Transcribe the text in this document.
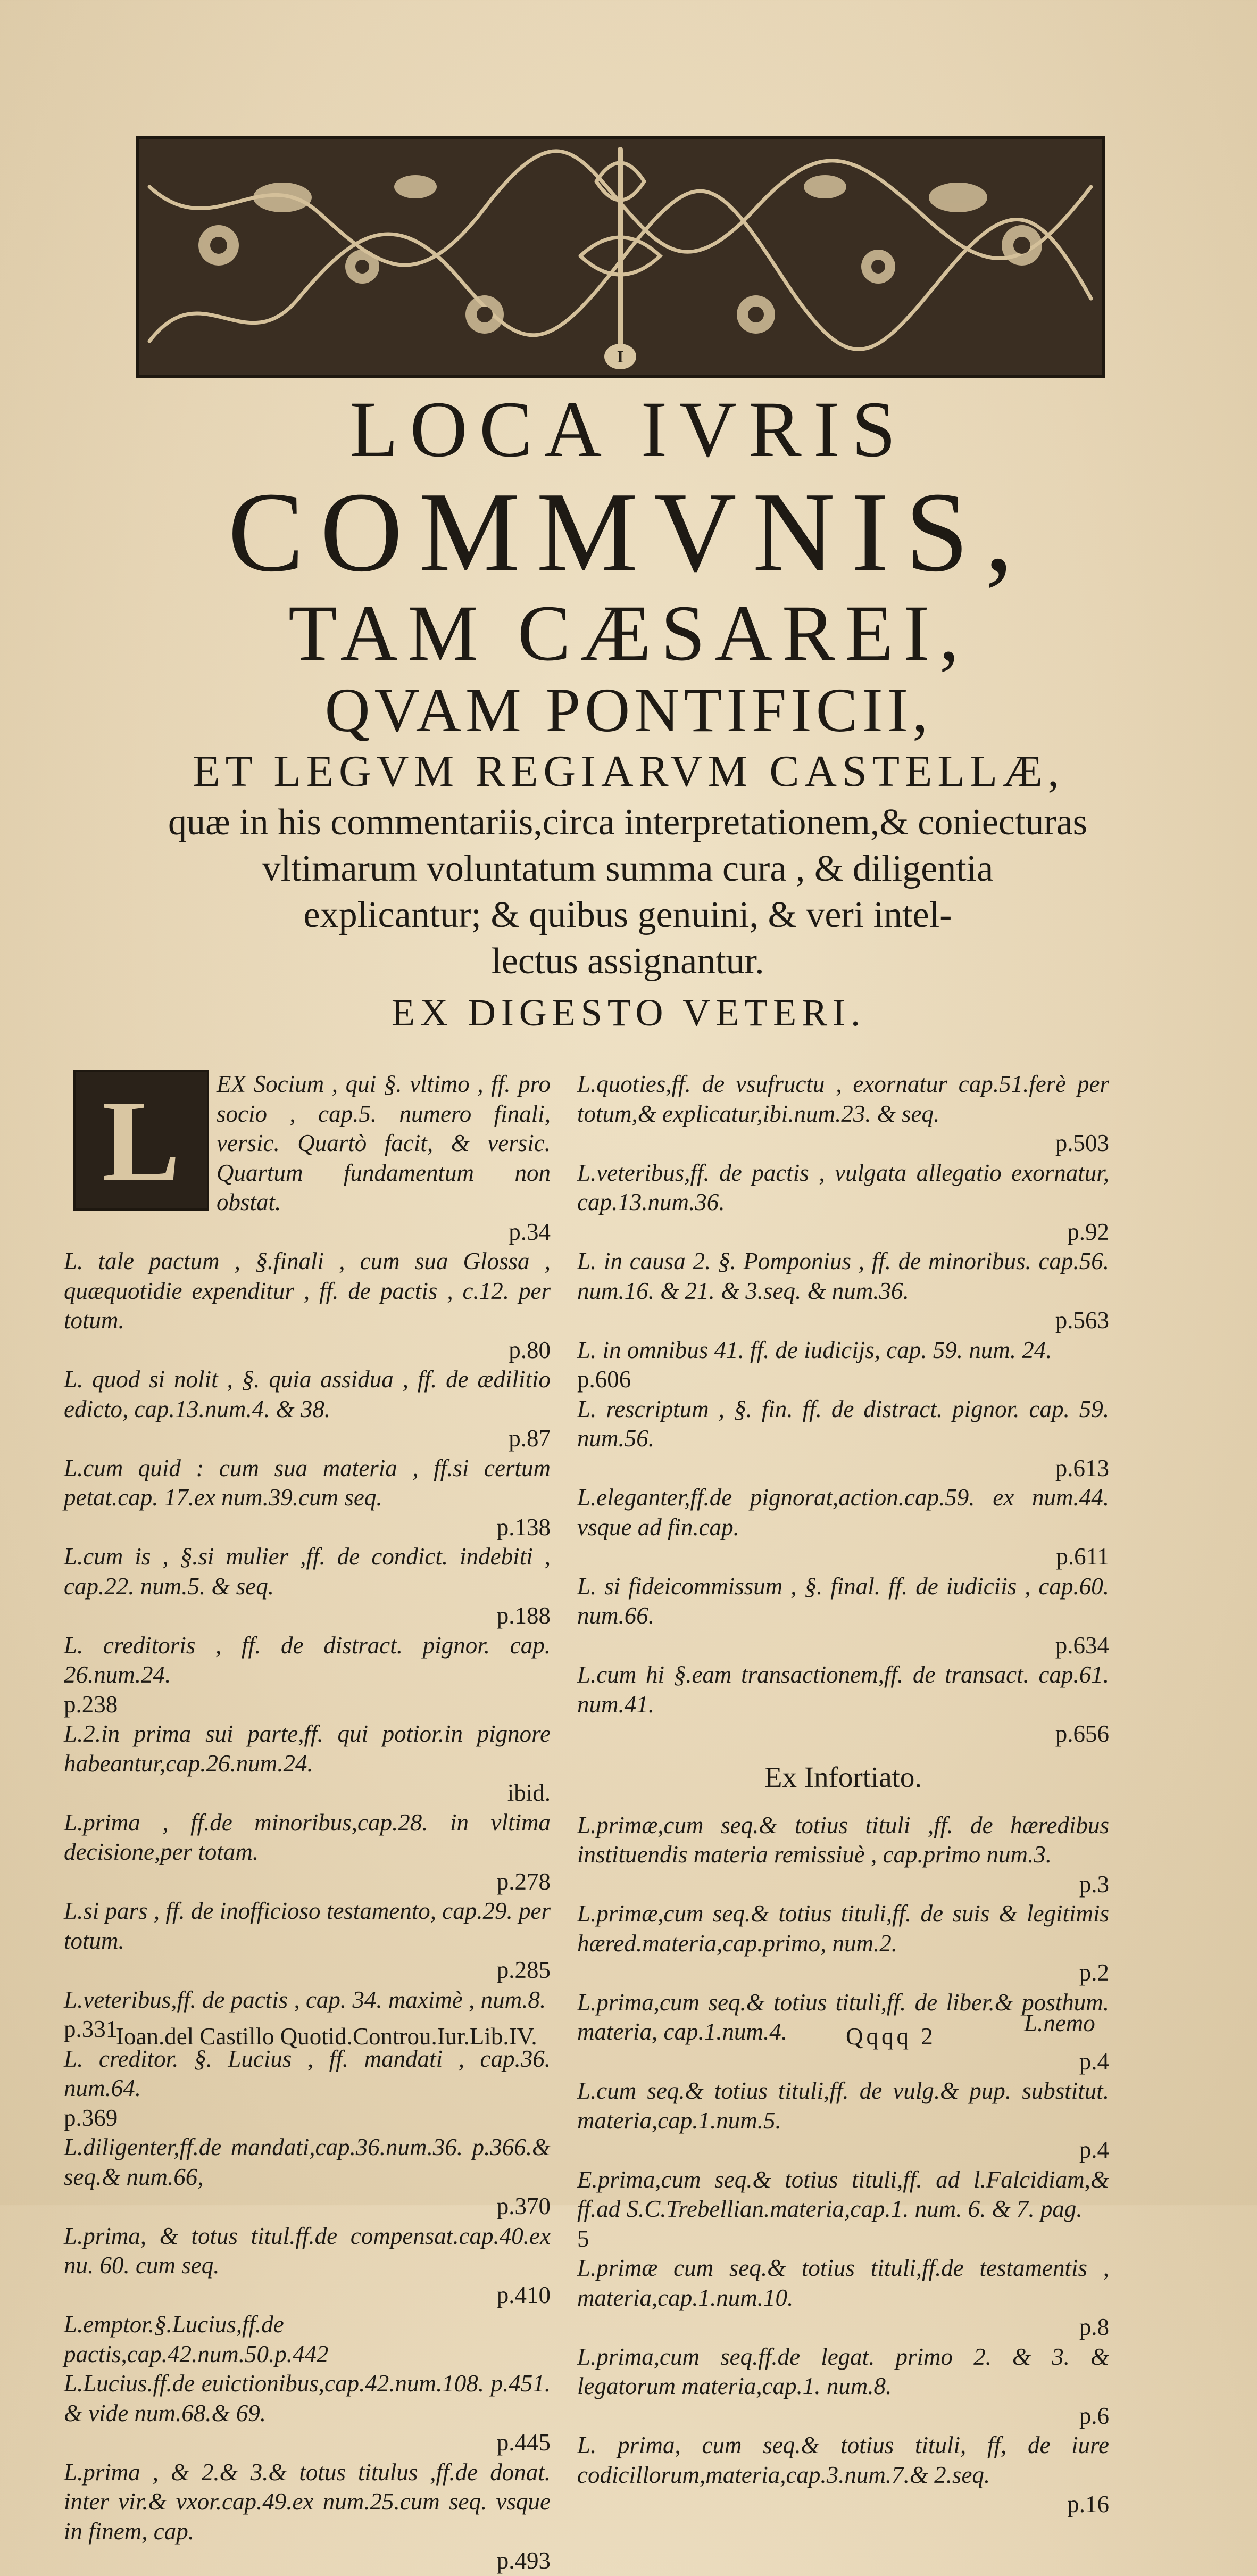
I
LOCA IVRIS
COMMVNIS,
TAM CÆSAREI,
QVAM PONTIFICII,
ET LEGVM REGIARVM CASTELLÆ,
quæ in his commentariis,circa interpretationem,& coniecturas
vltimarum voluntatum summa cura , & diligentia
explicantur; & quibus genuini, & veri intel-
lectus assignantur.
EX DIGESTO VETERI.
L	EX Socium , qui §. vltimo , ff. pro socio , cap.5. numero finali, versic. Quartò facit, & versic. Quartum fundamentum non obstat.
p.34
L. tale pactum , §.finali , cum sua Glossa , quæquotidie expenditur , ff. de pactis , c.12. per totum.
p.80
L. quod si nolit , §. quia assidua , ff. de ædilitio edicto, cap.13.num.4. & 38.
p.87
L.cum quid : cum sua materia , ff.si certum petat.cap. 17.ex num.39.cum seq.
p.138
L.cum is , §.si mulier ,ff. de condict. indebiti , cap.22. num.5. & seq.
p.188
L. creditoris , ff. de distract. pignor. cap. 26.num.24.
p.238
L.2.in prima sui parte,ff. qui potior.in pignore habeantur,cap.26.num.24.
ibid.
L.prima , ff.de minoribus,cap.28. in vltima decisione,per totam.
p.278
L.si pars , ff. de inofficioso testamento, cap.29. per totum.
p.285
L.veteribus,ff. de pactis , cap. 34. maximè , num.8.
p.331
L. creditor. §. Lucius , ff. mandati , cap.36. num.64.
p.369
L.diligenter,ff.de mandati,cap.36.num.36. p.366.& seq.& num.66,
p.370
L.prima, & totus titul.ff.de compensat.cap.40.ex nu. 60. cum seq.
p.410
L.emptor.§.Lucius,ff.de pactis,cap.42.num.50.p.442
L.Lucius.ff.de euictionibus,cap.42.num.108. p.451. & vide num.68.& 69.
p.445
L.prima , & 2.& 3.& totus titulus ,ff.de donat. inter vir.& vxor.cap.49.ex num.25.cum seq. vsque in finem, cap.
p.493
L.quoties,ff. de vsufructu , exornatur cap.51.ferè per totum,& explicatur,ibi.num.23. & seq.
p.503
L.veteribus,ff. de pactis , vulgata allegatio exornatur, cap.13.num.36.
p.92
L. in causa 2. §. Pomponius , ff. de minoribus. cap.56. num.16. & 21. & 3.seq. & num.36.
p.563
L. in omnibus 41. ff. de iudicijs, cap. 59. num. 24.
p.606
L. rescriptum , §. fin. ff. de distract. pignor. cap. 59. num.56.
p.613
L.eleganter,ff.de pignorat,action.cap.59. ex num.44. vsque ad fin.cap.
p.611
L. si fideicommissum , §. final. ff. de iudiciis , cap.60. num.66.
p.634
L.cum hi §.eam transactionem,ff. de transact. cap.61. num.41.
p.656
Ex Infortiato.
L.primæ,cum seq.& totius tituli ,ff. de hæredibus instituendis materia remissiuè , cap.primo num.3.
p.3
L.primæ,cum seq.& totius tituli,ff. de suis & legitimis hæred.materia,cap.primo, num.2.
p.2
L.prima,cum seq.& totius tituli,ff. de liber.& posthum. materia, cap.1.num.4.
p.4
L.cum seq.& totius tituli,ff. de vulg.& pup. substitut. materia,cap.1.num.5.
p.4
E.prima,cum seq.& totius tituli,ff. ad l.Falcidiam,& ff.ad S.C.Trebellian.materia,cap.1. num. 6. & 7. pag.
5
L.primæ cum seq.& totius tituli,ff.de testamentis , materia,cap.1.num.10.
p.8
L.prima,cum seq.ff.de legat. primo 2. & 3. & legatorum materia,cap.1. num.8.
p.6
L. prima, cum seq.& totius tituli, ff, de iure codicillorum,materia,cap.3.num.7.& 2.seq.
p.16
Ioan.del Castillo Quotid.Controu.Iur.Lib.IV.	Qqqq 2	L.nemo
